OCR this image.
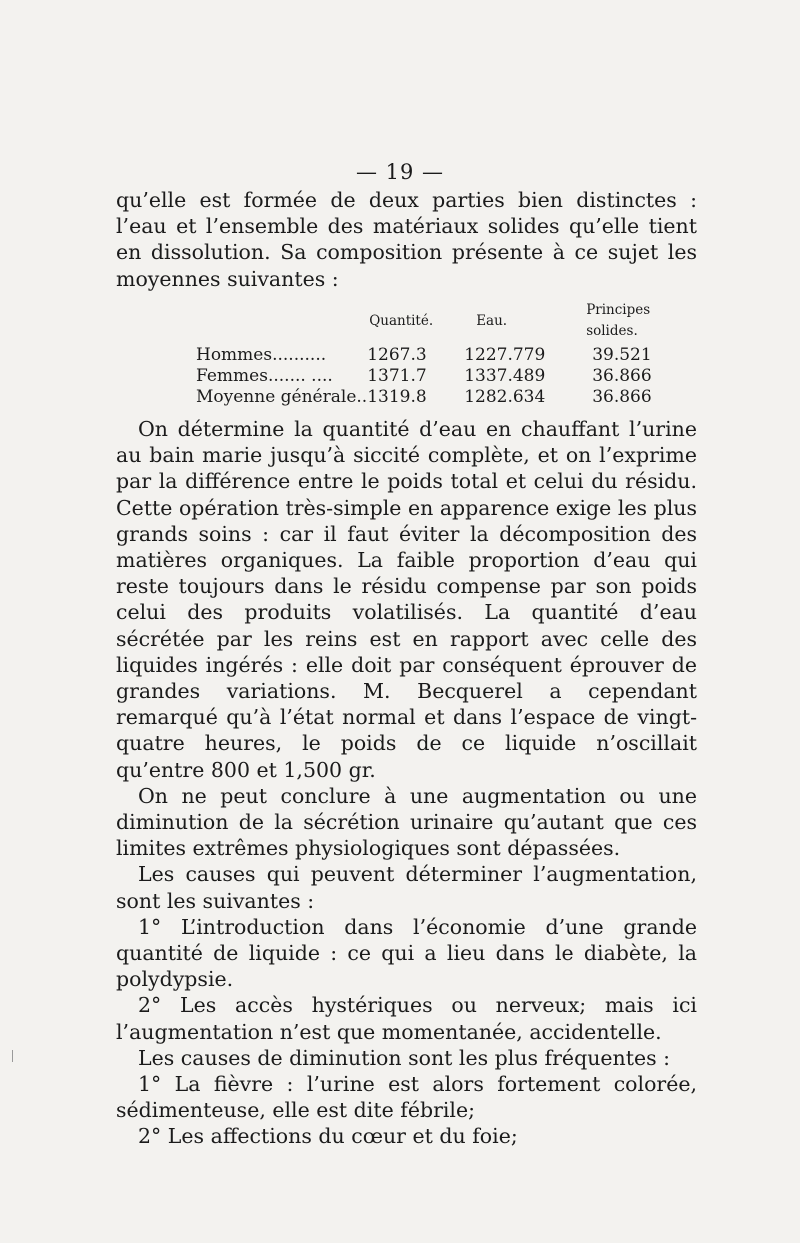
— 19 —

qu’elle est formée de deux parties bien distinctes : l’eau et l’ensemble des matériaux solides qu’elle tient en dissolution. Sa composition présente à ce sujet les moyennes suivantes :

	Quantité.	Eau.	Principes solides.
Hommes..........	1267.3	1227.779	39.521
Femmes....... ....	1371.7	1337.489	36.866
Moyenne générale..	1319.8	1282.634	36.866

On détermine la quantité d’eau en chauffant l’urine au bain marie jusqu’à siccité complète, et on l’exprime par la différence entre le poids total et celui du résidu. Cette opération très-simple en apparence exige les plus grands soins : car il faut éviter la décomposition des matières organiques. La faible proportion d’eau qui reste toujours dans le résidu compense par son poids celui des produits volatilisés. La quantité d’eau sécrétée par les reins est en rapport avec celle des liquides ingérés : elle doit par conséquent éprouver de grandes variations. M. Becquerel a cependant remarqué qu’à l’état normal et dans l’espace de vingt-quatre heures, le poids de ce liquide n’oscillait qu’entre 800 et 1,500 gr.

On ne peut conclure à une augmentation ou une diminution de la sécrétion urinaire qu’autant que ces limites extrêmes physiologiques sont dépassées.

Les causes qui peuvent déterminer l’augmentation, sont les suivantes :

1° L’introduction dans l’économie d’une grande quantité de liquide : ce qui a lieu dans le diabète, la polydypsie.

2° Les accès hystériques ou nerveux; mais ici l’augmentation n’est que momentanée, accidentelle.

Les causes de diminution sont les plus fréquentes :

1° La fièvre : l’urine est alors fortement colorée, sédimenteuse, elle est dite fébrile;

2° Les affections du cœur et du foie;
